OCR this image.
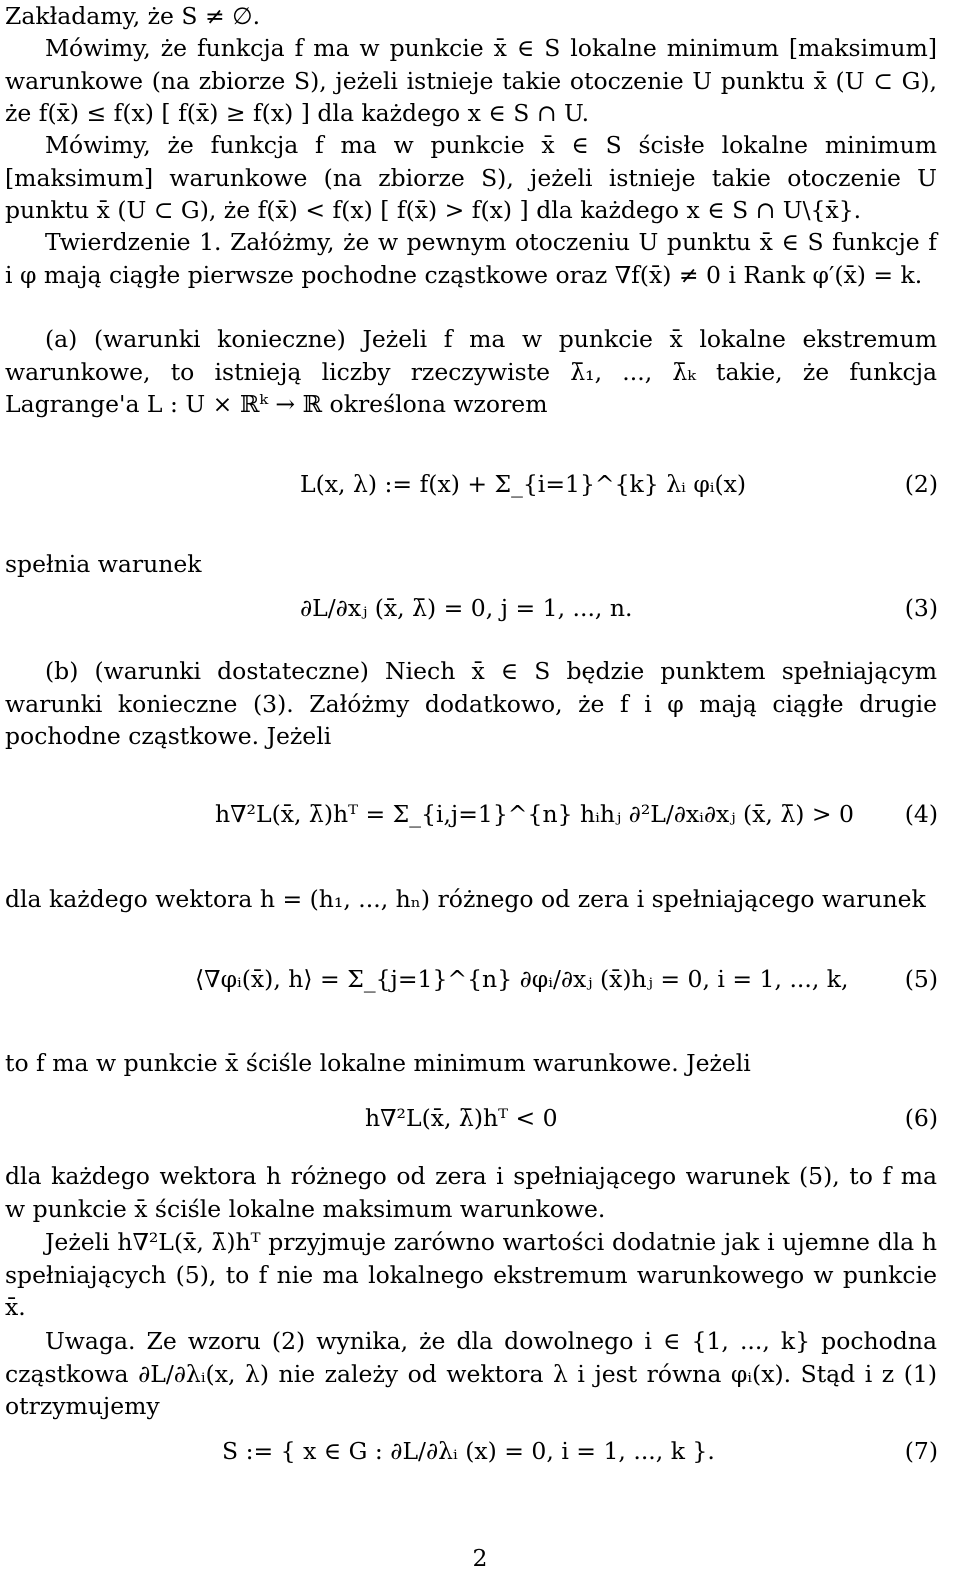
Zakładamy, że S ≠ ∅.

Mówimy, że funkcja f ma w punkcie x̄ ∈ S lokalne minimum [maksimum] warunkowe (na zbiorze S), jeżeli istnieje takie otoczenie U punktu x̄ (U ⊂ G), że f(x̄) ≤ f(x) [ f(x̄) ≥ f(x) ] dla każdego x ∈ S ∩ U.

Mówimy, że funkcja f ma w punkcie x̄ ∈ S ścisłe lokalne minimum [maksimum] warunkowe (na zbiorze S), jeżeli istnieje takie otoczenie U punktu x̄ (U ⊂ G), że f(x̄) < f(x) [ f(x̄) > f(x) ] dla każdego x ∈ S ∩ U\{x̄}.

Twierdzenie 1. Załóżmy, że w pewnym otoczeniu U punktu x̄ ∈ S funkcje f i φ mają ciągłe pierwsze pochodne cząstkowe oraz ∇f(x̄) ≠ 0 i Rank φ′(x̄) = k.

(a) (warunki konieczne) Jeżeli f ma w punkcie x̄ lokalne ekstremum warunkowe, to istnieją liczby rzeczywiste λ̄₁, ..., λ̄ₖ takie, że funkcja Lagrange'a L : U × ℝᵏ → ℝ określona wzorem

L(x, λ) := f(x) + Σ_{i=1}^{k} λᵢ φᵢ(x)	(2)

spełnia warunek

∂L/∂xⱼ (x̄, λ̄) = 0, j = 1, ..., n.	(3)

(b) (warunki dostateczne) Niech x̄ ∈ S będzie punktem spełniającym warunki konieczne (3). Załóżmy dodatkowo, że f i φ mają ciągłe drugie pochodne cząstkowe. Jeżeli

h∇²L(x̄, λ̄)hᵀ = Σ_{i,j=1}^{n} hᵢhⱼ ∂²L/∂xᵢ∂xⱼ (x̄, λ̄) > 0 (4)

dla każdego wektora h = (h₁, ..., hₙ) różnego od zera i spełniającego warunek

⟨∇φᵢ(x̄), h⟩ = Σ_{j=1}^{n} ∂φᵢ/∂xⱼ (x̄)hⱼ = 0, i = 1, ..., k, (5)

to f ma w punkcie x̄ ściśle lokalne minimum warunkowe. Jeżeli

h∇²L(x̄, λ̄)hᵀ < 0	(6)

dla każdego wektora h różnego od zera i spełniającego warunek (5), to f ma w punkcie x̄ ściśle lokalne maksimum warunkowe.

Jeżeli h∇²L(x̄, λ̄)hᵀ przyjmuje zarówno wartości dodatnie jak i ujemne dla h spełniających (5), to f nie ma lokalnego ekstremum warunkowego w punkcie x̄.

Uwaga. Ze wzoru (2) wynika, że dla dowolnego i ∈ {1, ..., k} pochodna cząstkowa ∂L/∂λᵢ(x, λ) nie zależy od wektora λ i jest równa φᵢ(x). Stąd i z (1) otrzymujemy

S := { x ∈ G : ∂L/∂λᵢ (x) = 0, i = 1, ..., k }.	(7)
2
